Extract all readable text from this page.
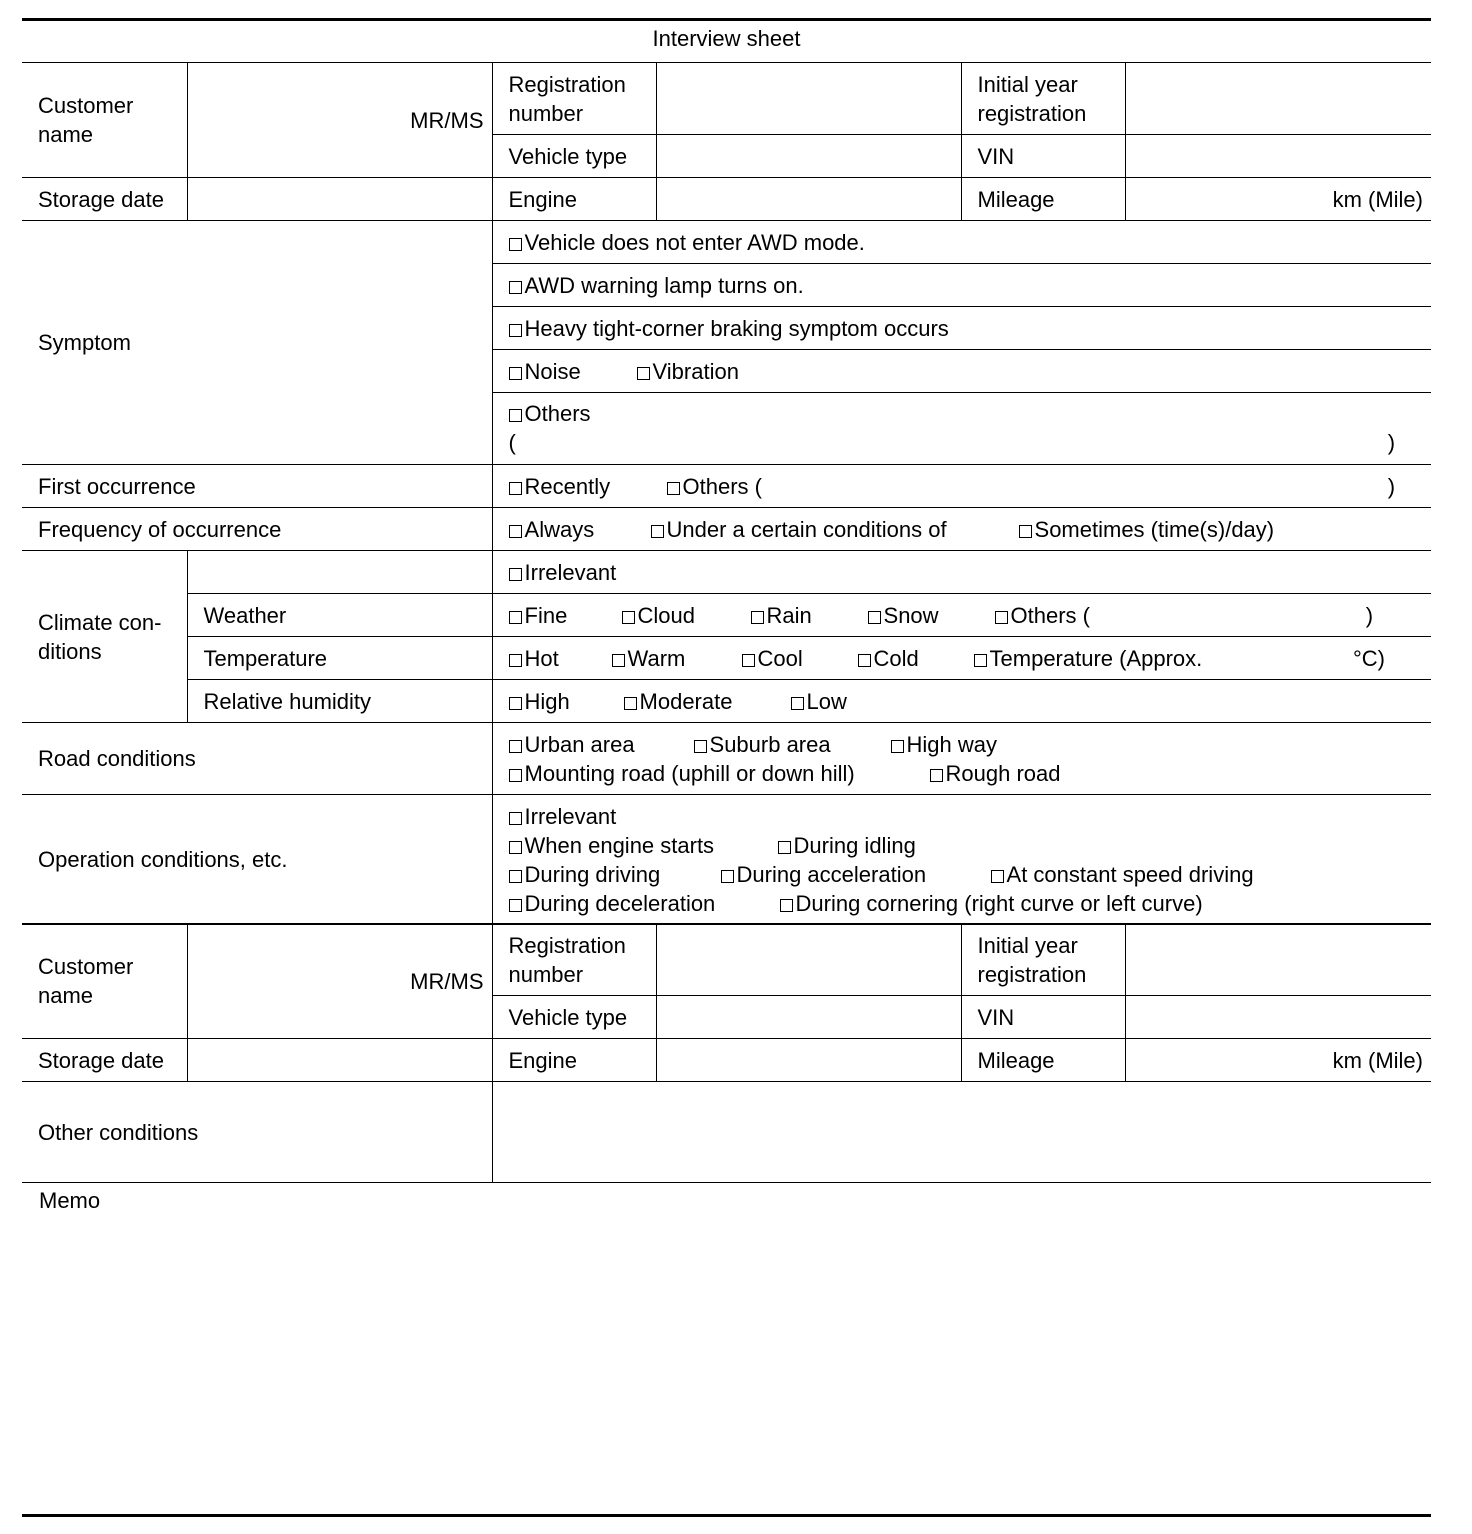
Interview sheet
Customer name	MR/MS	Registration number		Initial year registration	
		Vehicle type		VIN	
Storage date		Engine		Mileage	km (Mile)
Symptom		Vehicle does not enter AWD mode.
		AWD warning lamp turns on.
		Heavy tight-corner braking symptom occurs
		Noise Vibration

		Others
( )

First occurrence		Recently Others ( )

Frequency of occurrence		Always Under a certain conditions of Sometimes (time(s)/day)
Climate con-ditions		Irrelevant
	Weather	Fine Cloud Rain Snow Others ( )

	Temperature	Hot Warm Cool Cold Temperature (Approx. °C)

	Relative humidity	High Moderate Low
Road conditions		Urban area Suburb area High way
Mounting road (uphill or down hill) Rough road

Operation conditions, etc.		Irrelevant
When engine starts During idling
During driving During acceleration At constant speed driving
During deceleration During cornering (right curve or left curve)
Customer name	MR/MS	Registration number		Initial year registration	
		Vehicle type		VIN	
Storage date		Engine		Mileage	km (Mile)
Other conditions					
Memo
